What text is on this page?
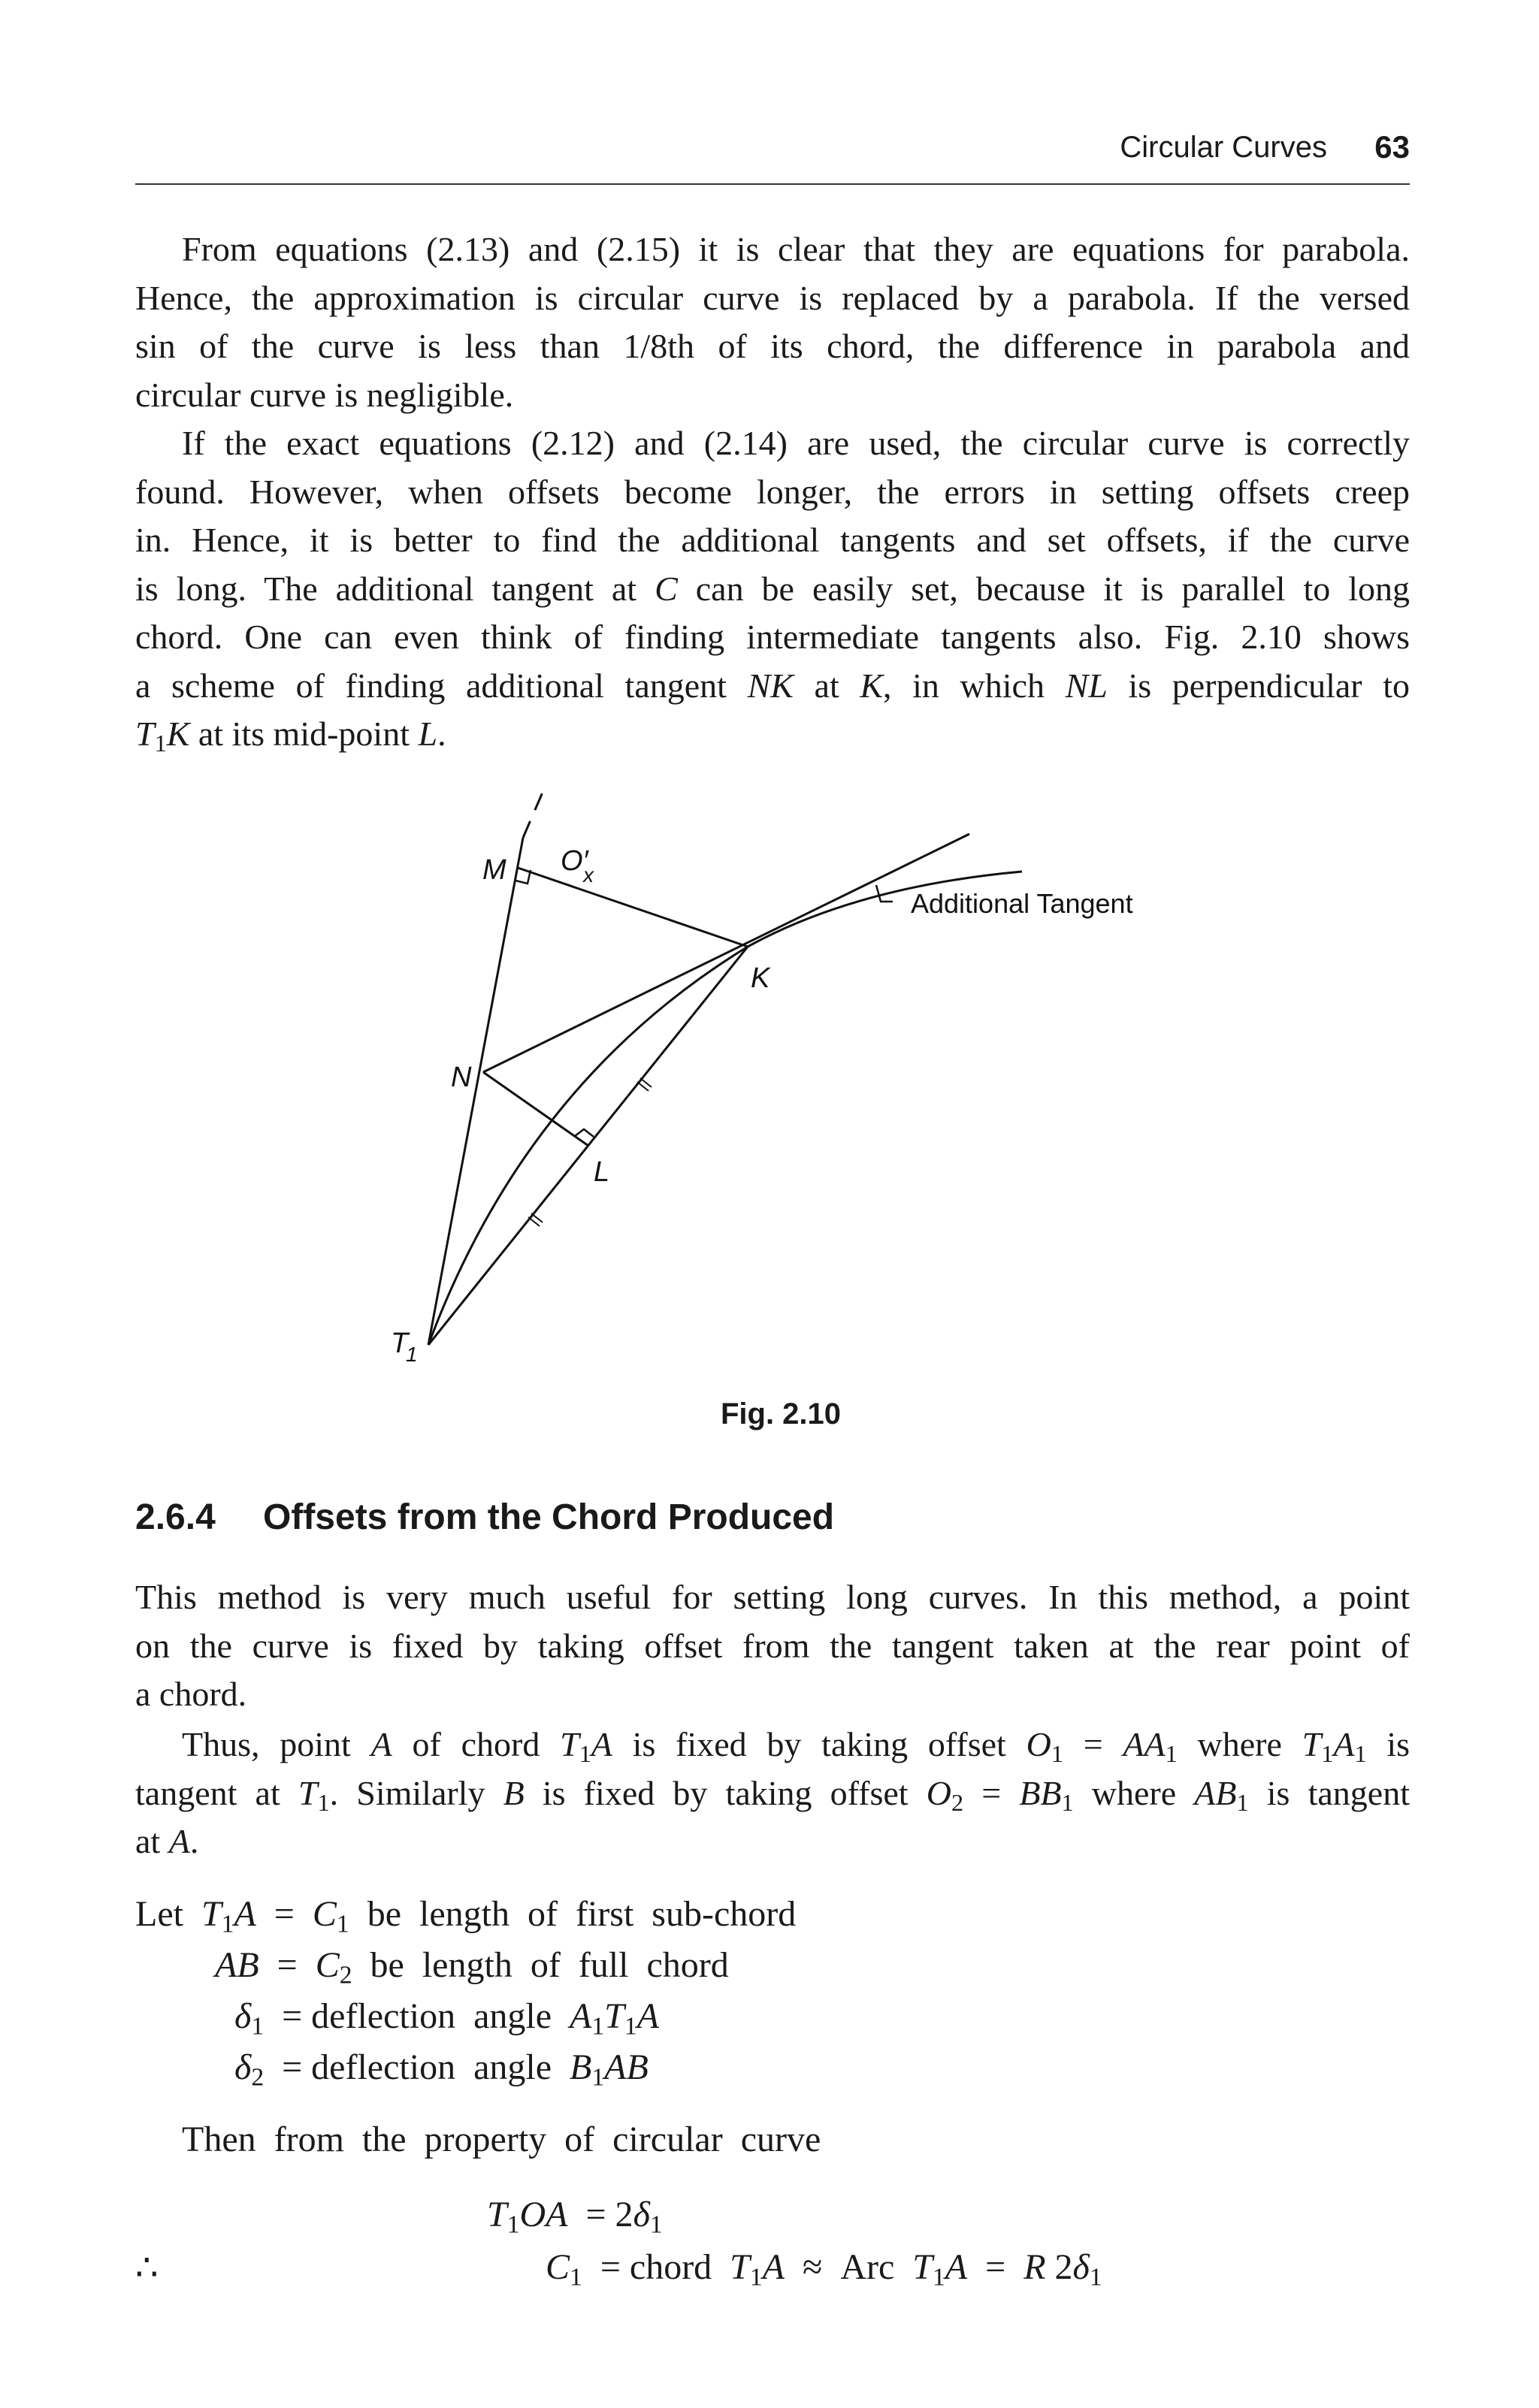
Circular Curves 63

From equations (2.13) and (2.15) it is clear that they are equations for parabola.
Hence, the approximation is circular curve is replaced by a parabola. If the versed
sin of the curve is less than 1/8th of its chord, the difference in parabola and
circular curve is negligible.

If the exact equations (2.12) and (2.14) are used, the circular curve is correctly
found. However, when offsets become longer, the errors in setting offsets creep
in. Hence, it is better to find the additional tangents and set offsets, if the curve
is long. The additional tangent at C can be easily set, because it is parallel to long
chord. One can even think of finding intermediate tangents also. Fig. 2.10 shows
a scheme of finding additional tangent NK at K, in which NL is perpendicular to
$T_1K$ at its mid-point L.

M O′
x
K
N
L
T
1
Additional Tangent
Fig. 2.10
2.6.4 Offsets from the Chord Produced

This method is very much useful for setting long curves. In this method, a point
on the curve is fixed by taking offset from the tangent taken at the rear point of
a chord.

Thus, point A of chord $T_1A$ is fixed by taking offset $O_1 = AA_1$ where $T_1A_1$ is
tangent at $T_1$. Similarly B is fixed by taking offset $O_2 = BB_1$ where $AB_1$ is tangent
at A.

Let  $T_1A = C_1$  be  length  of  first  sub-chord
AB  =  $C_2$  be  length  of  full  chord
$\delta_1$  = deflection  angle  $A_1T_1A$
$\delta_2$  = deflection  angle  $B_1AB$
Then  from  the  property  of  circular  curve
$T_1OA = 2\delta_1$
∴	$C_1$  = chord  $T_1A$  ≈  Arc  $T_1A = R$ $2\delta_1$
